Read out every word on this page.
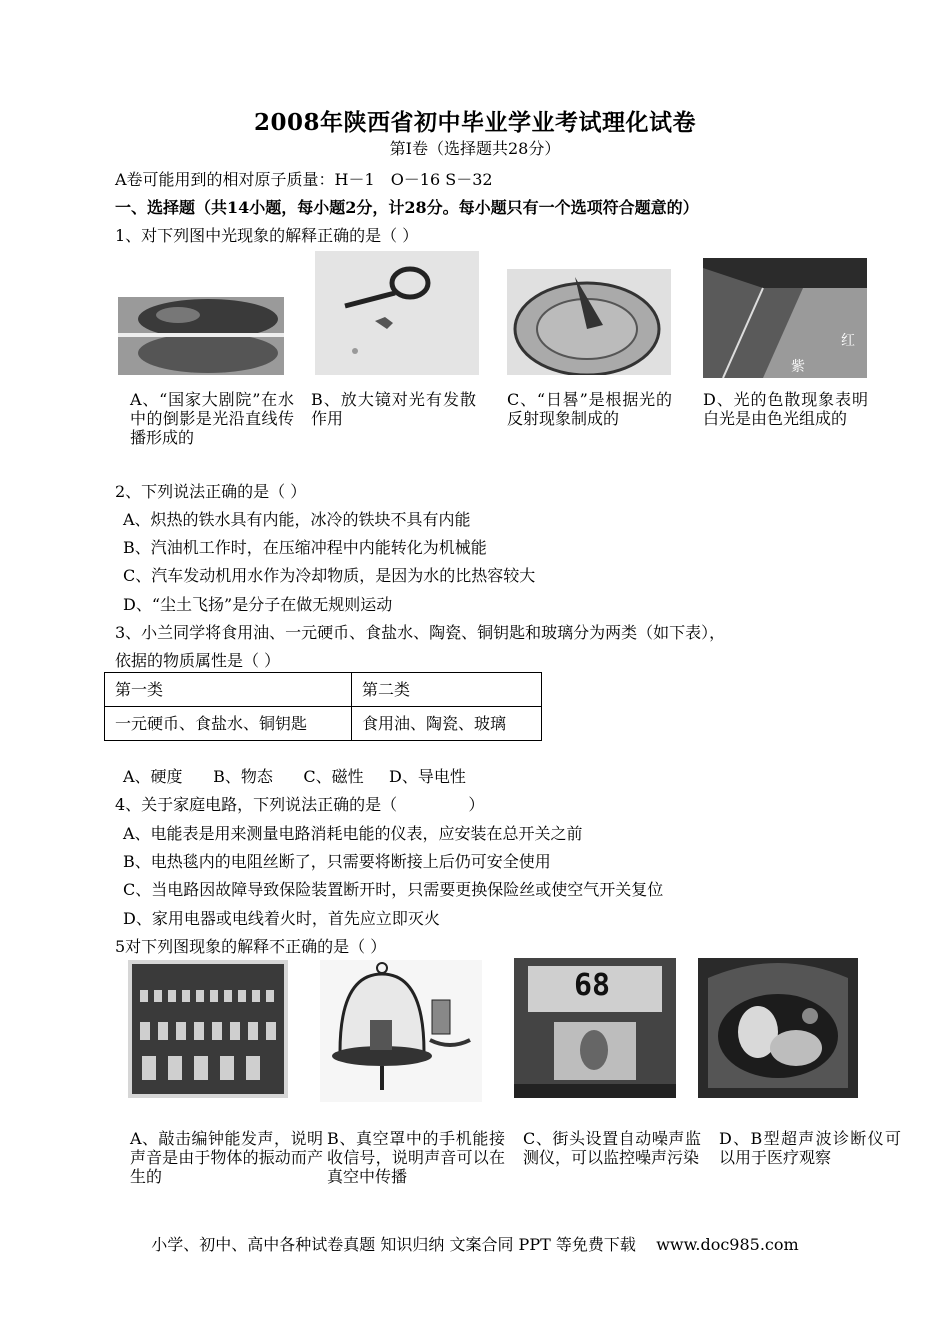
2008年陕西省初中毕业学业考试理化试卷
第I卷（选择题共28分）
A卷可能用到的相对原子质量：H－1　O－16 S－32
一、选择题（共14小题，每小题2分，计28分。每小题只有一个选项符合题意的）
1、对下列图中光现象的解释正确的是（ ）
紫
红
A、“国家大剧院”在水中的倒影是光沿直线传播形成的
B、放大镜对光有发散作用
C、“日晷”是根据光的反射现象制成的
D、光的色散现象表明白光是由色光组成的
2、下列说法正确的是（ ）
A、炽热的铁水具有内能，冰冷的铁块不具有内能
B、汽油机工作时，在压缩冲程中内能转化为机械能
C、汽车发动机用水作为冷却物质，是因为水的比热容较大
D、“尘土飞扬”是分子在做无规则运动
3、小兰同学将食用油、一元硬币、食盐水、陶瓷、铜钥匙和玻璃分为两类（如下表），
依据的物质属性是（ ）
第一类	第二类
一元硬币、食盐水、铜钥匙	食用油、陶瓷、玻璃
A、硬度      B、物态      C、磁性     D、导电性
4、关于家庭电路，下列说法正确的是（              ）
A、电能表是用来测量电路消耗电能的仪表，应安装在总开关之前
B、电热毯内的电阻丝断了，只需要将断接上后仍可安全使用
C、当电路因故障导致保险装置断开时，只需要更换保险丝或使空气开关复位
D、家用电器或电线着火时，首先应立即灭火
5对下列图现象的解释不正确的是（ ）
68
A、敲击编钟能发声，说明声音是由于物体的振动而产生的
B、真空罩中的手机能接收信号，说明声音可以在真空中传播
C、街头设置自动噪声监测仪，可以监控噪声污染
D、B型超声波诊断仪可以用于医疗观察
小学、初中、高中各种试卷真题 知识归纳 文案合同 PPT 等免费下载    www.doc985.com
